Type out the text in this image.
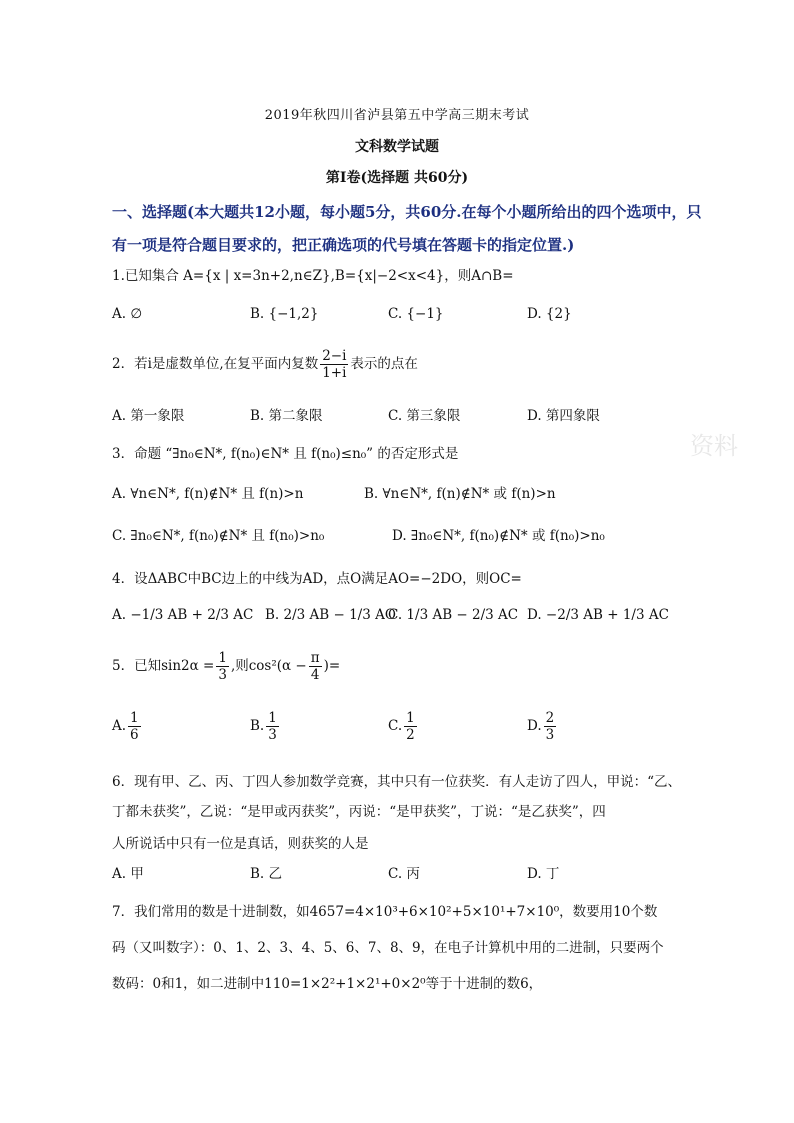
2019年秋四川省泸县第五中学高三期末考试
文科数学试题
第Ⅰ卷(选择题 共60分)
一、选择题(本大题共12小题，每小题5分，共60分.在每个小题所给出的四个选项中，只
有一项是符合题目要求的，把正确选项的代号填在答题卡的指定位置.)
1.已知集合 A={x | x=3n+2,n∈Z},B={x|−2<x<4}，则A∩B=
A. ∅	B. {−1,2}	C. {−1}	D. {2}
2．若i是虚数单位,在复平面内复数 $\frac{2-i}{1+i}$ 表示的点在
A. 第一象限	B. 第二象限	C. 第三象限	D. 第四象限
3．命题 “∃n₀∈N*, f(n₀)∈N* 且 f(n₀)≤n₀” 的否定形式是
A. ∀n∈N*, f(n)∉N* 且 f(n)>n	B. ∀n∈N*, f(n)∉N* 或 f(n)>n
C. ∃n₀∈N*, f(n₀)∉N* 且 f(n₀)>n₀	D. ∃n₀∈N*, f(n₀)∉N* 或 f(n₀)>n₀
4．设ΔABC中BC边上的中线为AD，点O满足AO=−2DO，则OC=
A. −1/3 AB + 2/3 AC B. 2/3 AB − 1/3 AO
C. 1/3 AB − 2/3 AC D. −2/3 AB + 1/3 AC
5．已知$\sin 2\alpha = \frac{1}{3}$ ,则$\cos^2(\alpha - \frac{\pi}{4}$ )=
A. $\frac{1}{6}$	B. $\frac{1}{3}$	C. $\frac{1}{2}$	D. $\frac{2}{3}$
6．现有甲、乙、丙、丁四人参加数学竞赛，其中只有一位获奖．有人走访了四人，甲说：“乙、
丁都未获奖”，乙说：“是甲或丙获奖”，丙说：“是甲获奖”，丁说：“是乙获奖”，四
人所说话中只有一位是真话，则获奖的人是
A. 甲	B. 乙	C. 丙	D. 丁
7．我们常用的数是十进制数，如4657=4×10³+6×10²+5×10¹+7×10⁰，数要用10个数
码（又叫数字）：0、1、2、3、4、5、6、7、8、9，在电子计算机中用的二进制，只要两个
数码：0和1，如二进制中110=1×2²+1×2¹+0×2⁰等于十进制的数6，
资料
